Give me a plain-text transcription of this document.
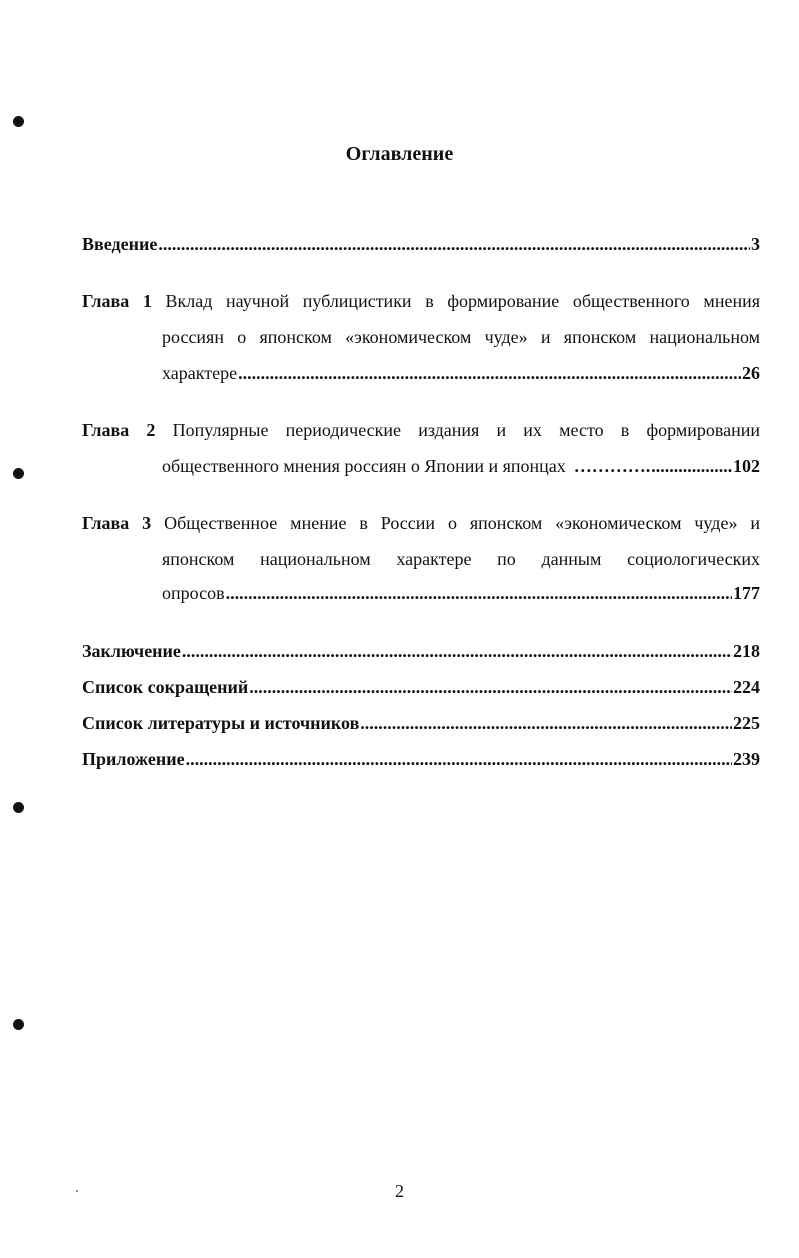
Оглавление
Введение .....	3
Глава 1 Вклад научной публицистики в формирование общественного мнения
россиян о японском «экономическом чуде» и японском национальном
характере .....	26
Глава 2 Популярные периодические издания и их место в формировании
общественного мнения россиян о Японии и японцах …………. .....	102
Глава 3 Общественное мнение в России о японском «экономическом чуде» и
японском национальном характере по данным социологических
опросов .....	177
Заключение .....	218
Список сокращений .....	224
Список литературы и источников .....	225
Приложение .....	239
2
